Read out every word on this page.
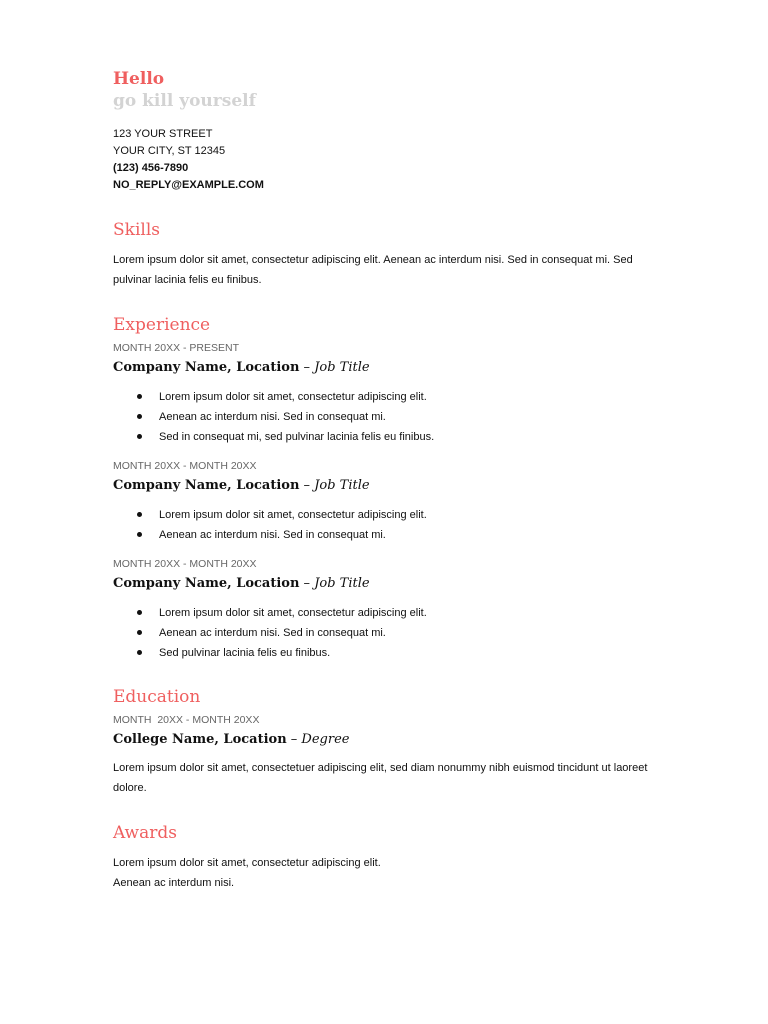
Hello
go kill yourself
123 YOUR STREET
YOUR CITY, ST 12345
(123) 456-7890
NO_REPLY@EXAMPLE.COM
Skills

Lorem ipsum dolor sit amet, consectetur adipiscing elit. Aenean ac interdum nisi. Sed in consequat mi. Sed pulvinar lacinia felis eu finibus.

Experience
MONTH 20XX - PRESENT
Company Name, Location – Job Title
Lorem ipsum dolor sit amet, consectetur adipiscing elit.
Aenean ac interdum nisi. Sed in consequat mi.
Sed in consequat mi, sed pulvinar lacinia felis eu finibus.
MONTH 20XX - MONTH 20XX
Company Name, Location – Job Title
Lorem ipsum dolor sit amet, consectetur adipiscing elit.
Aenean ac interdum nisi. Sed in consequat mi.
MONTH 20XX - MONTH 20XX
Company Name, Location – Job Title
Lorem ipsum dolor sit amet, consectetur adipiscing elit.
Aenean ac interdum nisi. Sed in consequat mi.
Sed pulvinar lacinia felis eu finibus.
Education
MONTH  20XX - MONTH 20XX
College Name, Location – Degree

Lorem ipsum dolor sit amet, consectetuer adipiscing elit, sed diam nonummy nibh euismod tincidunt ut laoreet dolore.

Awards

Lorem ipsum dolor sit amet, consectetur adipiscing elit.

Aenean ac interdum nisi.
